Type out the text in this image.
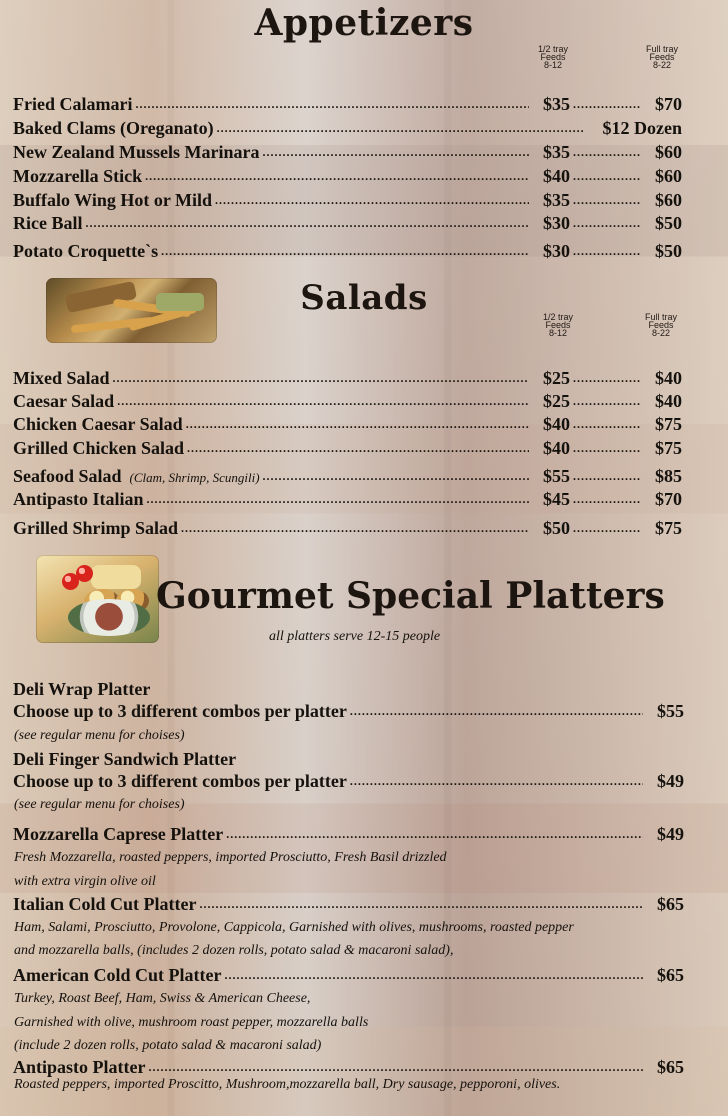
Appetizers
1/2 tray
Feeds
8-12
Full tray
Feeds
8-22
Fried Calamari .....	$35 .....	$70
Baked Clams (Oreganato) .....	$12 Dozen
New Zealand Mussels Marinara .....	$35 .....	$60
Mozzarella Stick .....	$40 .....	$60
Buffalo Wing Hot or Mild .....	$35 .....	$60
Rice Ball .....	$30 .....	$50
Potato Croquette`s .....	$30 .....	$50
Salads	1/2 tray
Feeds
8-12
Full tray
Feeds
8-22
Mixed Salad .....	$25 .....	$40
Caesar Salad .....	$25 .....	$40
Chicken Caesar Salad .....	$40 .....	$75
Grilled Chicken Salad .....	$40 .....	$75
Seafood Salad (Clam, Shrimp, Scungili) .....	$55 .....	$85
Antipasto Italian .....	$45 .....	$70
Grilled Shrimp Salad .....	$50 .....	$75
Gourmet Special Platters
all platters serve 12-15 people
Deli Wrap Platter
Choose up to 3 different combos per platter .....	$55
(see regular menu for choises)
Deli Finger Sandwich Platter
Choose up to 3 different combos per platter .....	$49
(see regular menu for choises)
Mozzarella Caprese Platter .....	$49
Fresh Mozzarella, roasted peppers, imported Prosciutto, Fresh Basil drizzled
with extra virgin olive oil
Italian Cold Cut Platter .....	$65
Ham, Salami, Prosciutto, Provolone, Cappicola, Garnished with olives, mushrooms, roasted pepper
and mozzarella balls, (includes 2 dozen rolls, potato salad & macaroni salad),
American Cold Cut Platter .....	$65
Turkey, Roast Beef, Ham, Swiss & American Cheese,
Garnished with olive, mushroom roast pepper, mozzarella balls
(include 2 dozen rolls, potato salad & macaroni salad)
Antipasto Platter .....	$65
Roasted peppers, imported Proscitto, Mushroom,mozzarella ball, Dry sausage, pepporoni, olives.
